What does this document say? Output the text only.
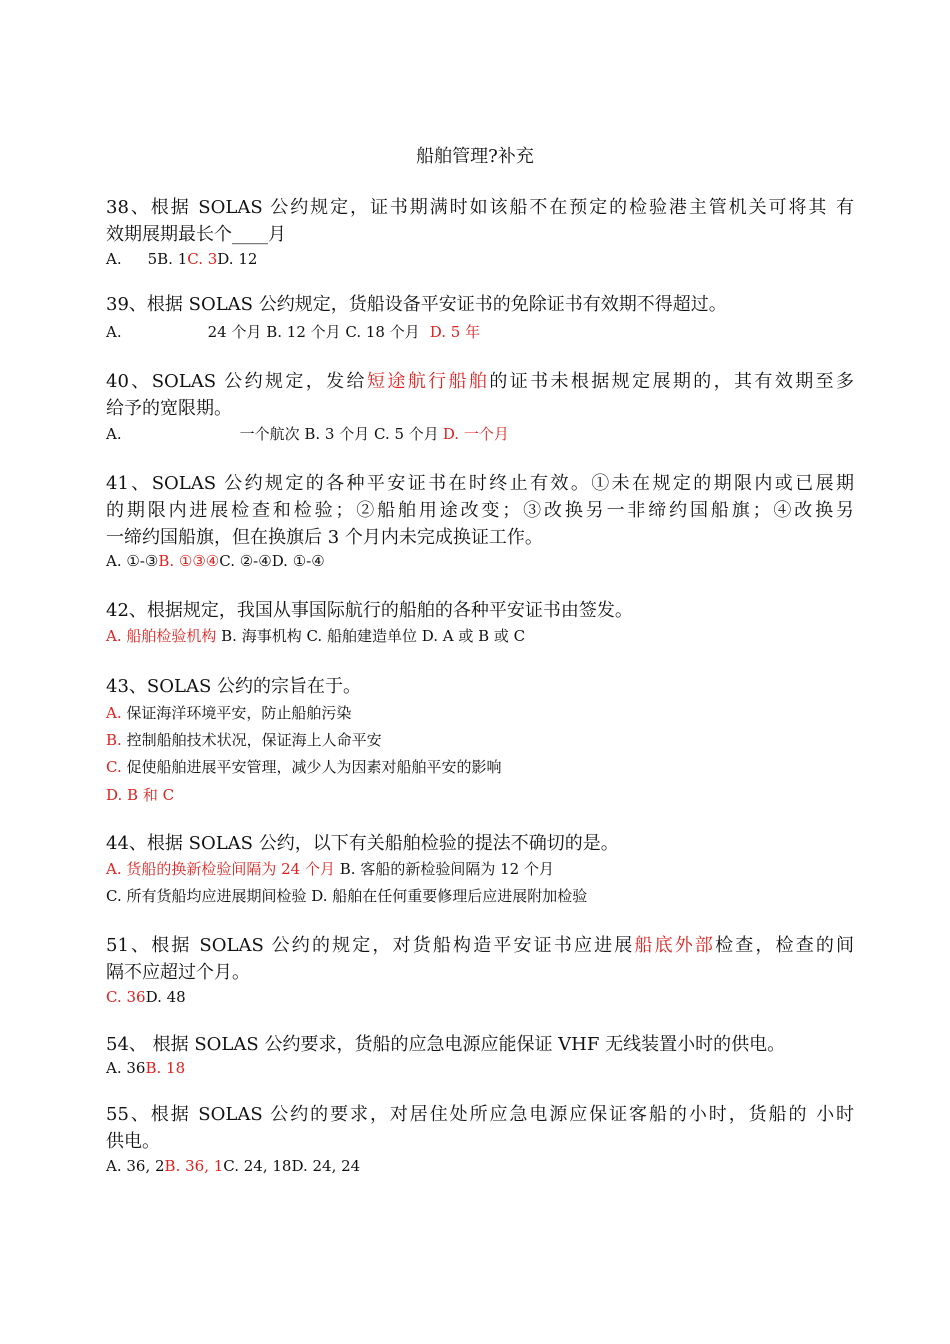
船舶管理?补充
38、根据 SOLAS 公约规定，证书期满时如该船不在预定的检验港主管机关可将其 有
效期展期最长个____月
A. 5B. 1C. 3D. 12
39、根据 SOLAS 公约规定，货船设备平安证书的免除证书有效期不得超过。
A.	24 个月 B. 12 个月 C. 18 个月 D. 5 年
40、SOLAS 公约规定，发给短途航行船舶的证书未根据规定展期的，其有效期至多
给予的宽限期。
A.	一个航次 B. 3 个月 C. 5 个月 D. 一个月
41、SOLAS 公约规定的各种平安证书在时终止有效。①未在规定的期限内或已展期
的期限内进展检查和检验；②船舶用途改变；③改换另一非缔约国船旗；④改换另
一缔约国船旗，但在换旗后 3 个月内未完成换证工作。
A. ①-③B. ①③④C. ②-④D. ①-④
42、根据规定，我国从事国际航行的船舶的各种平安证书由签发。
A. 船舶检验机构 B. 海事机构 C. 船舶建造单位 D. A 或 B 或 C
43、SOLAS 公约的宗旨在于。
A. 保证海洋环境平安，防止船舶污染
B. 控制船舶技术状况，保证海上人命平安
C. 促使船舶进展平安管理，减少人为因素对船舶平安的影响
D. B 和 C
44、根据 SOLAS 公约，以下有关船舶检验的提法不确切的是。
A. 货船的换新检验间隔为 24 个月 B. 客船的新检验间隔为 12 个月
C. 所有货船均应进展期间检验 D. 船舶在任何重要修理后应进展附加检验
51、根据 SOLAS 公约的规定，对货船构造平安证书应进展船底外部检查，检查的间
隔不应超过个月。
C. 36D. 48
54、 根据 SOLAS 公约要求，货船的应急电源应能保证 VHF 无线装置小时的供电。
A. 36B. 18
55、根据 SOLAS 公约的要求，对居住处所应急电源应保证客船的小时，货船的 小时
供电。
A. 36, 2B. 36, 1C. 24, 18D. 24, 24
